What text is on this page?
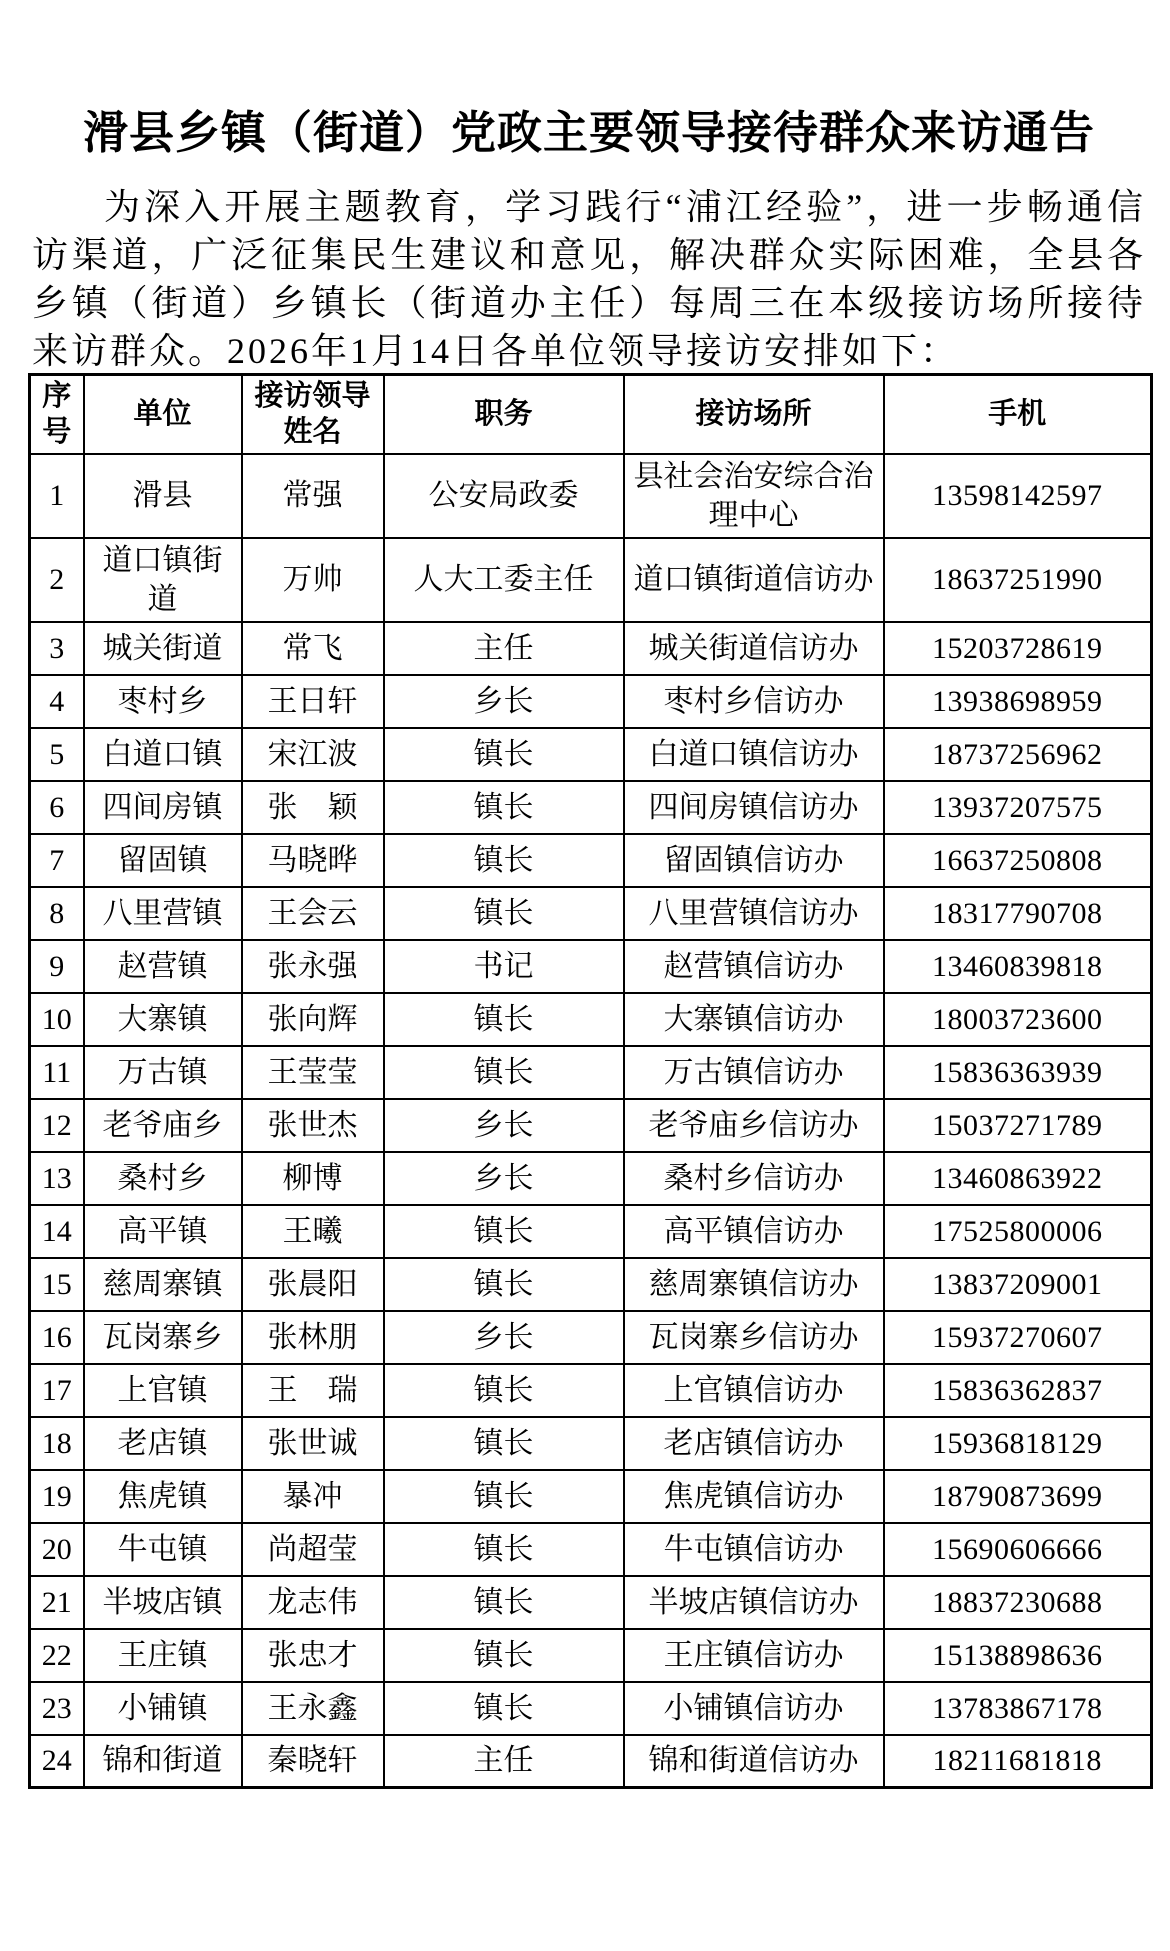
滑县乡镇（街道）党政主要领导接待群众来访通告

为深入开展主题教育，学习践行“浦江经验”，进一步畅通信访渠道，广泛征集民生建议和意见，解决群众实际困难，全县各乡镇（街道）乡镇长（街道办主任）每周三在本级接访场所接待来访群众。2026年1月14日各单位领导接访安排如下：

序号	单位	接访领导姓名	职务	接访场所	手机
1	滑县	常强	公安局政委	县社会治安综合治理中心	13598142597
2	道口镇街道	万帅	人大工委主任	道口镇街道信访办	18637251990
3	城关街道	常飞	主任	城关街道信访办	15203728619
4	枣村乡	王日轩	乡长	枣村乡信访办	13938698959
5	白道口镇	宋江波	镇长	白道口镇信访办	18737256962
6	四间房镇	张　颖	镇长	四间房镇信访办	13937207575
7	留固镇	马晓晔	镇长	留固镇信访办	16637250808
8	八里营镇	王会云	镇长	八里营镇信访办	18317790708
9	赵营镇	张永强	书记	赵营镇信访办	13460839818
10	大寨镇	张向辉	镇长	大寨镇信访办	18003723600
11	万古镇	王莹莹	镇长	万古镇信访办	15836363939
12	老爷庙乡	张世杰	乡长	老爷庙乡信访办	15037271789
13	桑村乡	柳博	乡长	桑村乡信访办	13460863922
14	高平镇	王曦	镇长	高平镇信访办	17525800006
15	慈周寨镇	张晨阳	镇长	慈周寨镇信访办	13837209001
16	瓦岗寨乡	张林朋	乡长	瓦岗寨乡信访办	15937270607
17	上官镇	王　瑞	镇长	上官镇信访办	15836362837
18	老店镇	张世诚	镇长	老店镇信访办	15936818129
19	焦虎镇	暴冲	镇长	焦虎镇信访办	18790873699
20	牛屯镇	尚超莹	镇长	牛屯镇信访办	15690606666
21	半坡店镇	龙志伟	镇长	半坡店镇信访办	18837230688
22	王庄镇	张忠才	镇长	王庄镇信访办	15138898636
23	小铺镇	王永鑫	镇长	小铺镇信访办	13783867178
24	锦和街道	秦晓轩	主任	锦和街道信访办	18211681818
